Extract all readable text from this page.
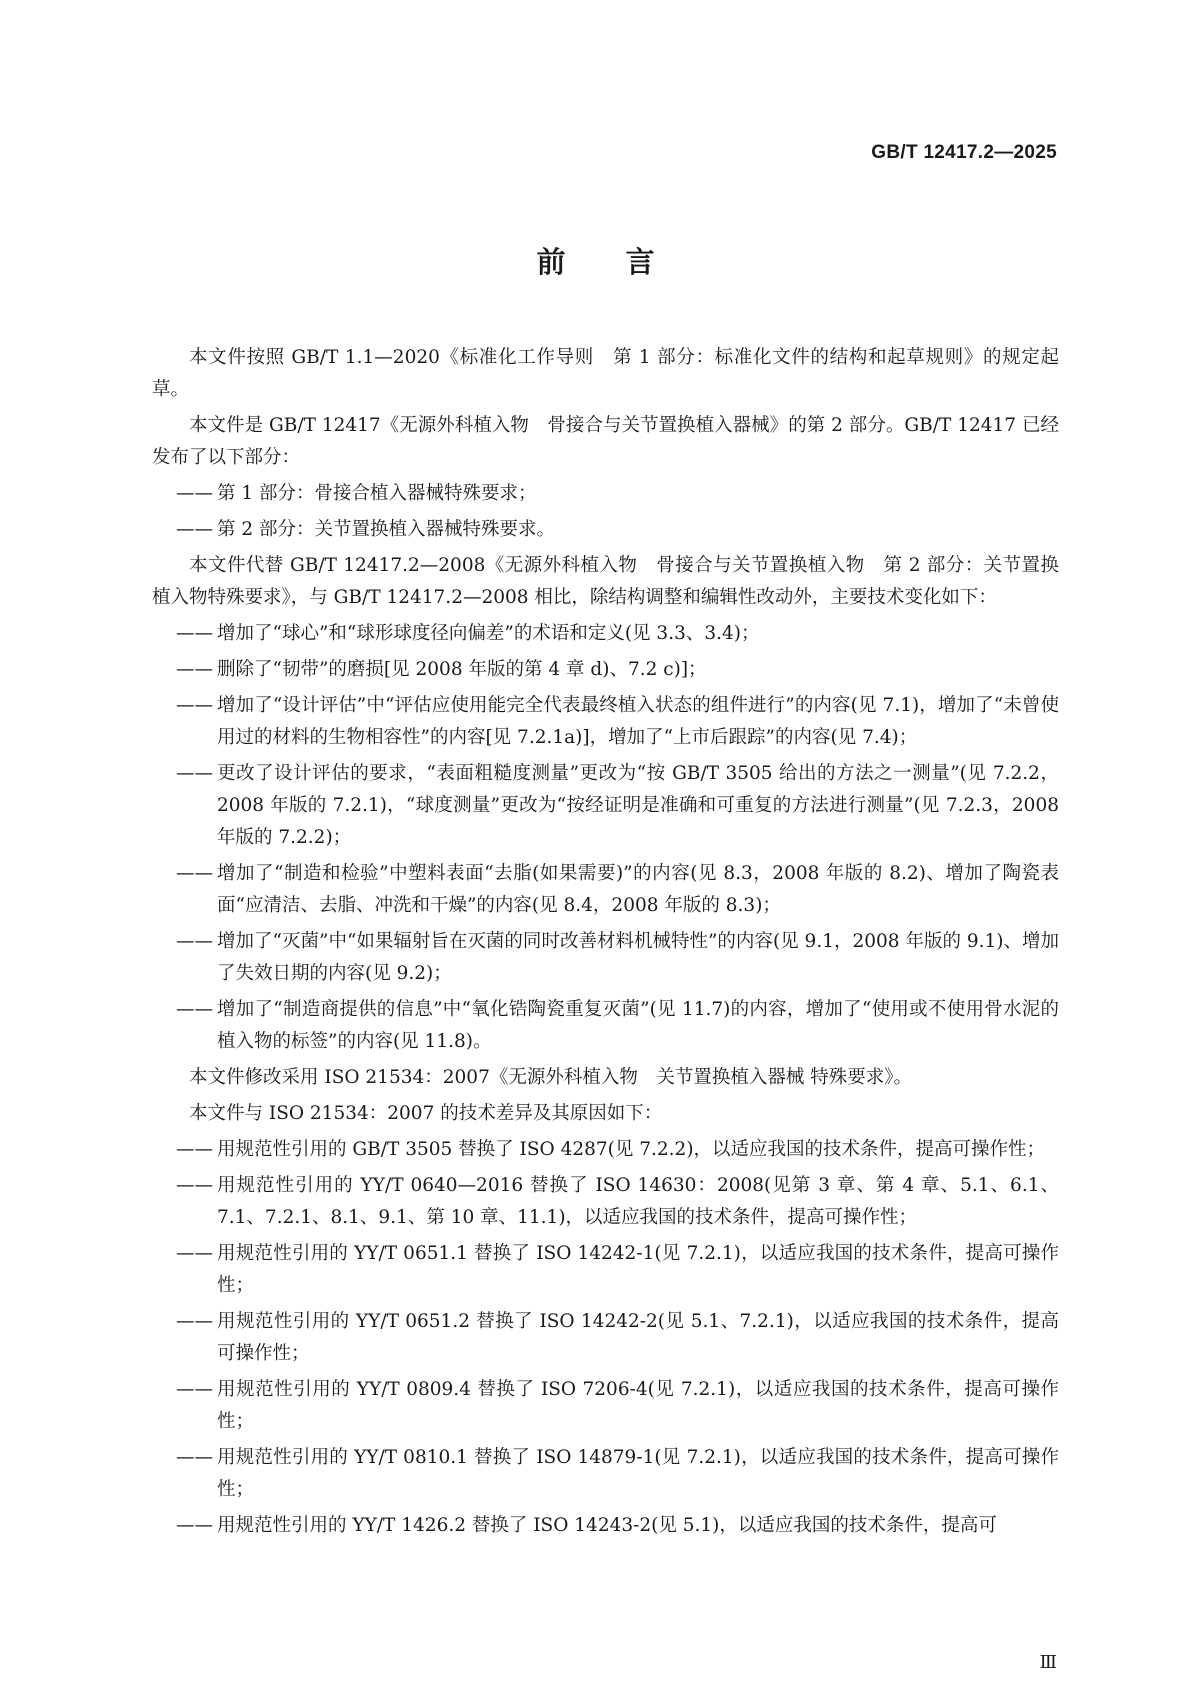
GB/T 12417.2—2025
前言
本文件按照 GB/T 1.1—2020《标准化工作导则　第 1 部分：标准化文件的结构和起草规则》的规定起草。
本文件是 GB/T 12417《无源外科植入物　骨接合与关节置换植入器械》的第 2 部分。GB/T 12417 已经发布了以下部分：
—— 第 1 部分：骨接合植入器械特殊要求；
—— 第 2 部分：关节置换植入器械特殊要求。
本文件代替 GB/T 12417.2—2008《无源外科植入物　骨接合与关节置换植入物　第 2 部分：关节置换植入物特殊要求》，与 GB/T 12417.2—2008 相比，除结构调整和编辑性改动外，主要技术变化如下：
—— 增加了“球心”和“球形球度径向偏差”的术语和定义(见 3.3、3.4)；
—— 删除了“韧带”的磨损[见 2008 年版的第 4 章 d)、7.2 c)]；
—— 增加了“设计评估”中“评估应使用能完全代表最终植入状态的组件进行”的内容(见 7.1)，增加了“未曾使用过的材料的生物相容性”的内容[见 7.2.1a)]，增加了“上市后跟踪”的内容(见 7.4)；
—— 更改了设计评估的要求，“表面粗糙度测量”更改为“按 GB/T 3505 给出的方法之一测量”(见 7.2.2，2008 年版的 7.2.1)，“球度测量”更改为“按经证明是准确和可重复的方法进行测量”(见 7.2.3，2008 年版的 7.2.2)；
—— 增加了“制造和检验”中塑料表面“去脂(如果需要)”的内容(见 8.3，2008 年版的 8.2)、增加了陶瓷表面“应清洁、去脂、冲洗和干燥”的内容(见 8.4，2008 年版的 8.3)；
—— 增加了“灭菌”中“如果辐射旨在灭菌的同时改善材料机械特性”的内容(见 9.1，2008 年版的 9.1)、增加了失效日期的内容(见 9.2)；
—— 增加了“制造商提供的信息”中“氧化锆陶瓷重复灭菌”(见 11.7)的内容，增加了“使用或不使用骨水泥的植入物的标签”的内容(见 11.8)。
本文件修改采用 ISO 21534：2007《无源外科植入物　关节置换植入器械 特殊要求》。
本文件与 ISO 21534：2007 的技术差异及其原因如下：
—— 用规范性引用的 GB/T 3505 替换了 ISO 4287(见 7.2.2)，以适应我国的技术条件，提高可操作性；
—— 用规范性引用的 YY/T 0640—2016 替换了 ISO 14630：2008(见第 3 章、第 4 章、5.1、6.1、7.1、7.2.1、8.1、9.1、第 10 章、11.1)，以适应我国的技术条件，提高可操作性；
—— 用规范性引用的 YY/T 0651.1 替换了 ISO 14242-1(见 7.2.1)，以适应我国的技术条件，提高可操作性；
—— 用规范性引用的 YY/T 0651.2 替换了 ISO 14242-2(见 5.1、7.2.1)，以适应我国的技术条件，提高可操作性；
—— 用规范性引用的 YY/T 0809.4 替换了 ISO 7206-4(见 7.2.1)，以适应我国的技术条件，提高可操作性；
—— 用规范性引用的 YY/T 0810.1 替换了 ISO 14879-1(见 7.2.1)，以适应我国的技术条件，提高可操作性；
—— 用规范性引用的 YY/T 1426.2 替换了 ISO 14243-2(见 5.1)，以适应我国的技术条件，提高可
Ⅲ
